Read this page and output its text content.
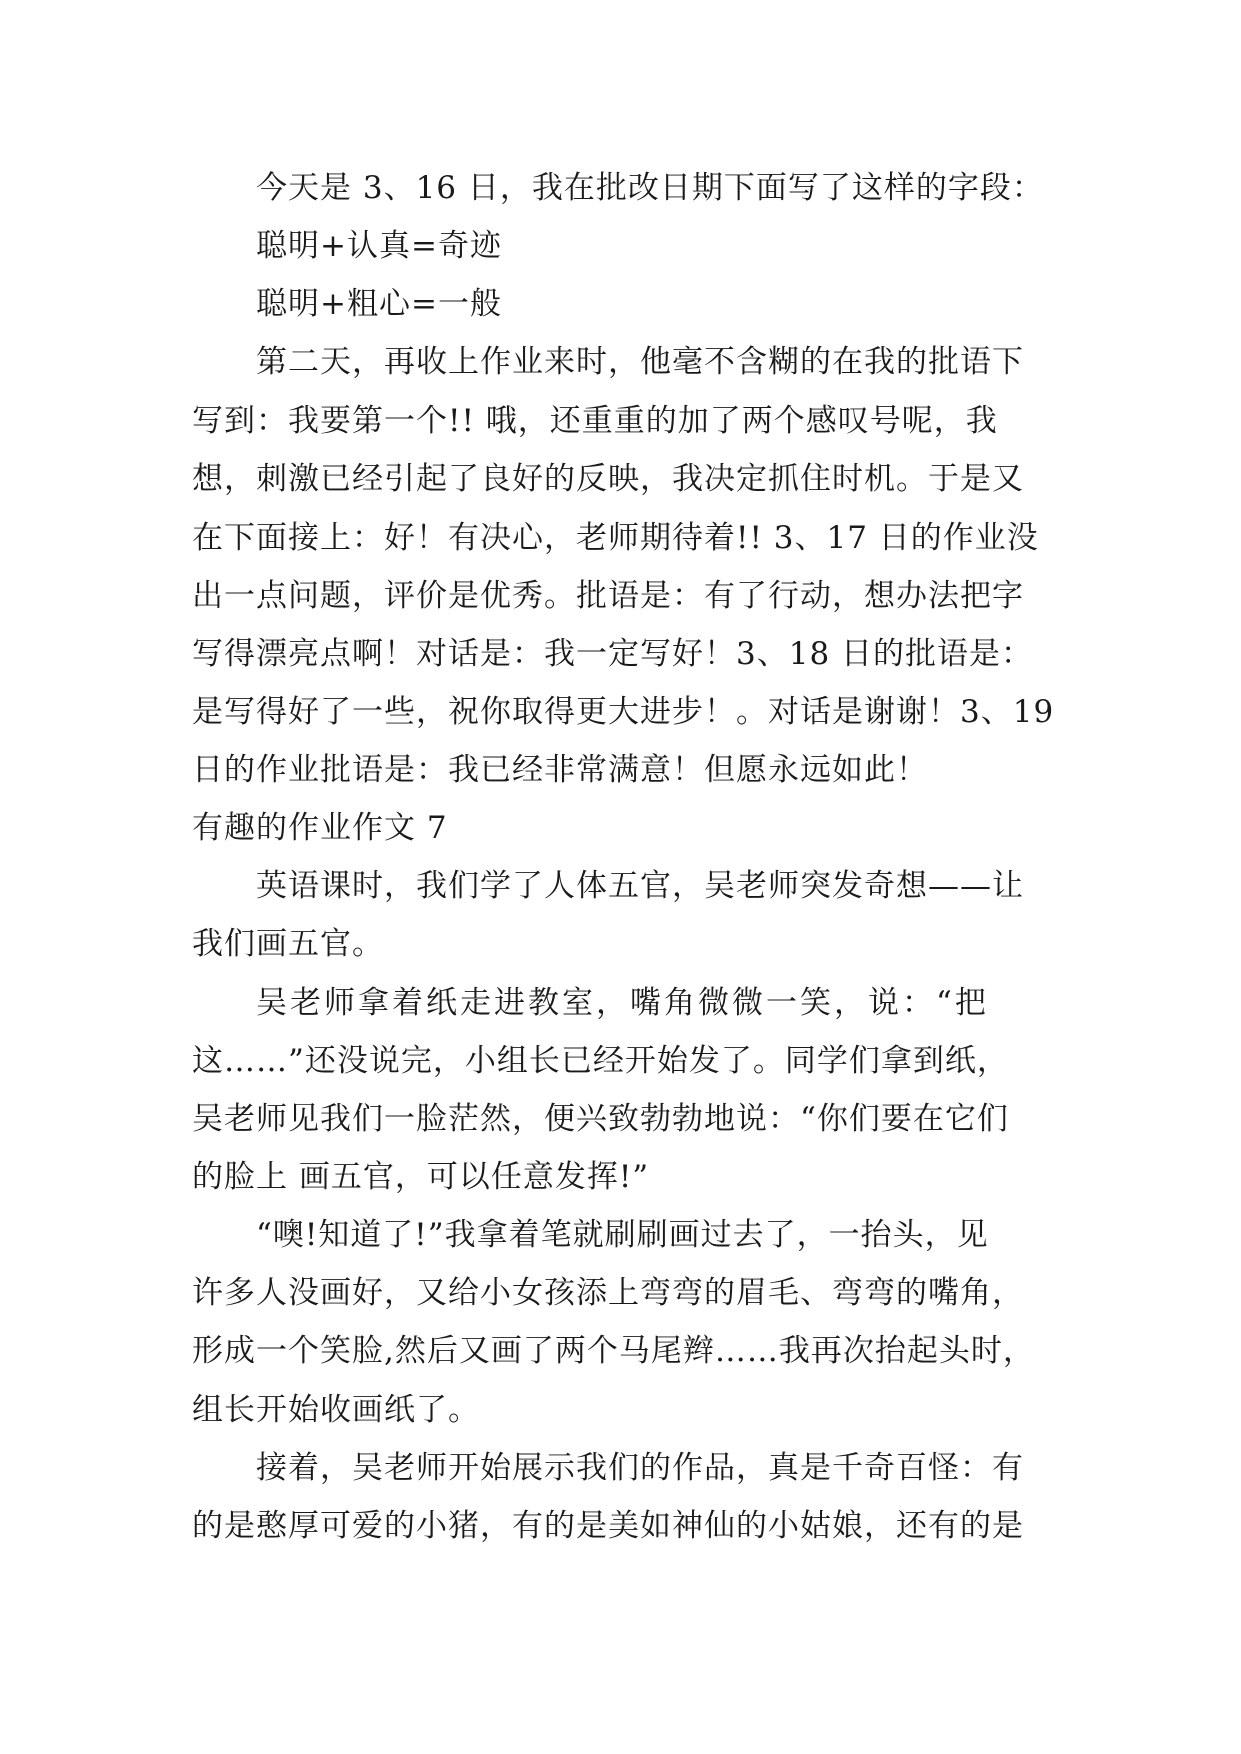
今天是 3、16 日，我在批改日期下面写了这样的字段：
聪明+认真=奇迹
聪明+粗心=一般
第二天，再收上作业来时，他毫不含糊的在我的批语下
写到：我要第一个!! 哦，还重重的加了两个感叹号呢，我
想，刺激已经引起了良好的反映，我决定抓住时机。于是又
在下面接上：好！有决心，老师期待着!! 3、17 日的作业没
出一点问题，评价是优秀。批语是：有了行动，想办法把字
写得漂亮点啊！对话是：我一定写好！3、18 日的批语是：
是写得好了一些，祝你取得更大进步！。对话是谢谢！3、19
日的作业批语是：我已经非常满意！但愿永远如此！
有趣的作业作文 7
英语课时，我们学了人体五官，吴老师突发奇想——让
我们画五官。
吴老师拿着纸走进教室，嘴角微微一笑，说：“把
这……”还没说完，小组长已经开始发了。同学们拿到纸，
吴老师见我们一脸茫然，便兴致勃勃地说：“你们要在它们
的脸上 画五官，可以任意发挥!”
“噢!知道了!”我拿着笔就刷刷画过去了，一抬头，见
许多人没画好，又给小女孩添上弯弯的眉毛、弯弯的嘴角，
形成一个笑脸,然后又画了两个马尾辫……我再次抬起头时，
组长开始收画纸了。
接着，吴老师开始展示我们的作品，真是千奇百怪：有
的是憨厚可爱的小猪，有的是美如神仙的小姑娘，还有的是
